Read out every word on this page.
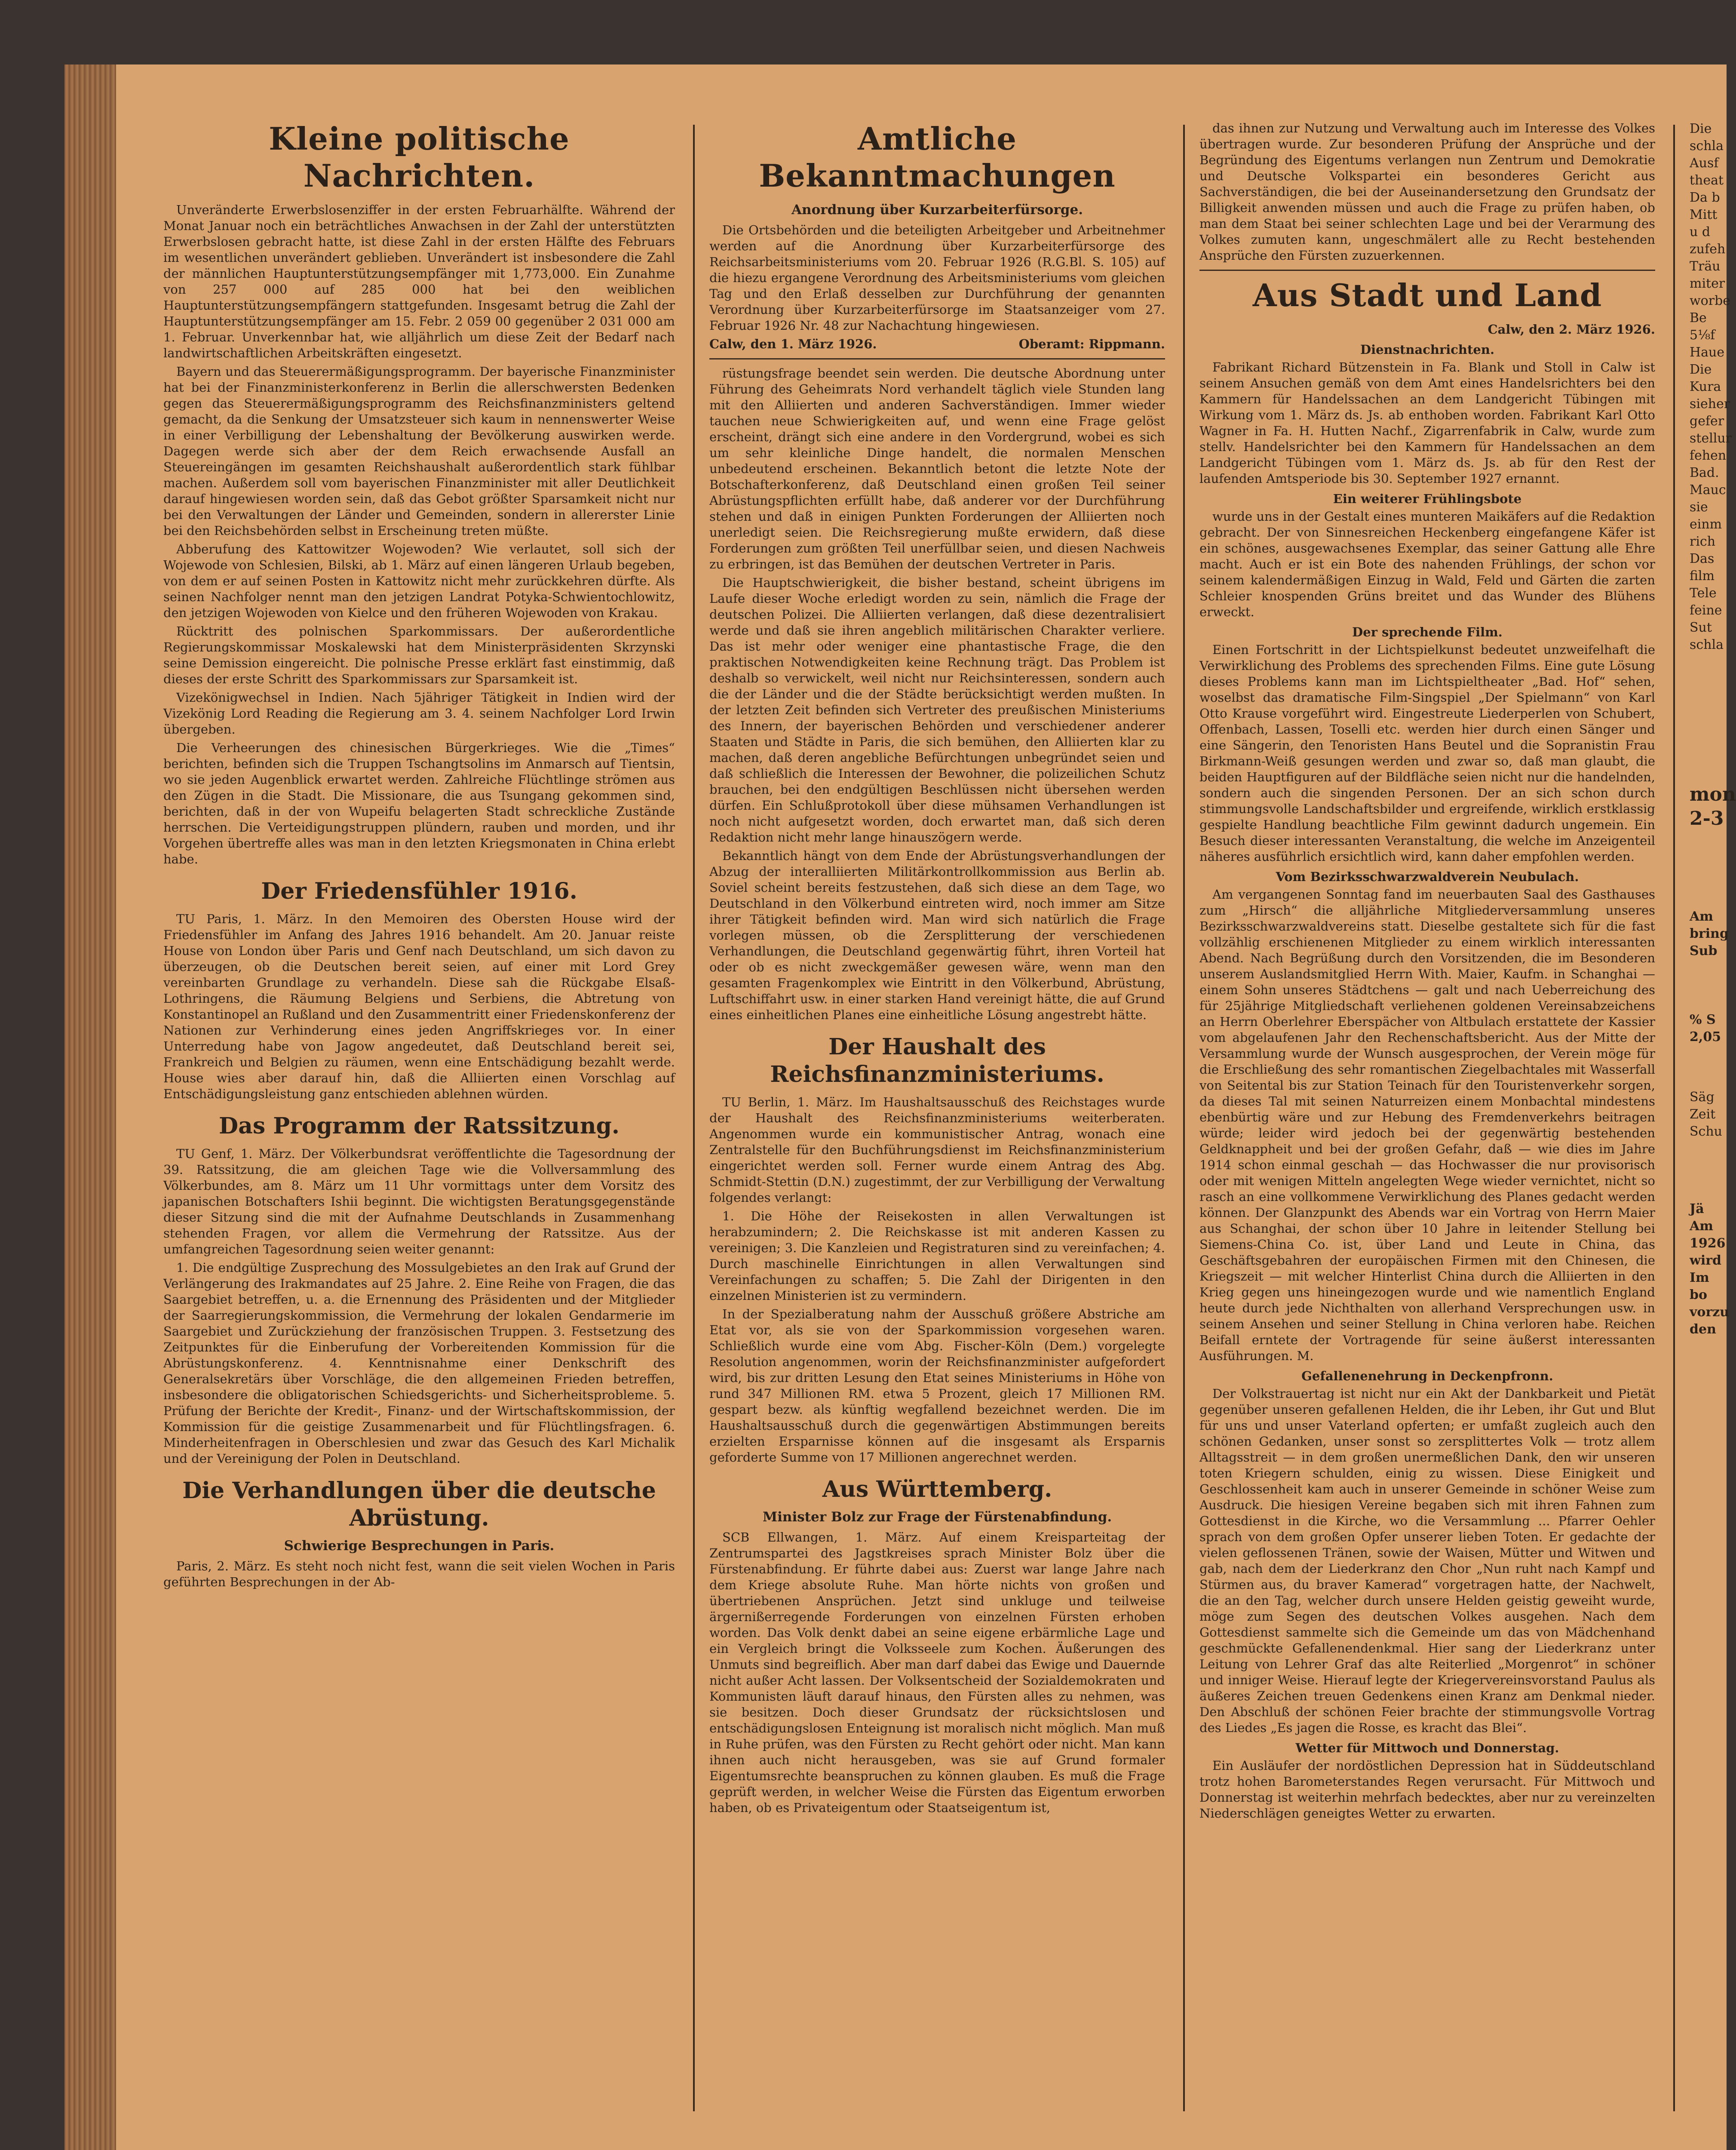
Kleine politische Nachrichten.

Unveränderte Erwerbslosenziffer in der ersten Februarhälfte. Während der Monat Januar noch ein beträchtliches Anwachsen in der Zahl der unterstützten Erwerbslosen gebracht hatte, ist diese Zahl in der ersten Hälfte des Februars im wesentlichen unverändert geblieben. Unverändert ist insbesondere die Zahl der männlichen Hauptunterstützungsempfänger mit 1,773,000. Ein Zunahme von 257 000 auf 285 000 hat bei den weiblichen Hauptunterstützungsempfängern stattgefunden. Insgesamt betrug die Zahl der Hauptunterstützungsempfänger am 15. Febr. 2 059 00 gegenüber 2 031 000 am 1. Februar. Unverkennbar hat, wie alljährlich um diese Zeit der Bedarf nach landwirtschaftlichen Arbeitskräften eingesetzt.

Bayern und das Steuerermäßigungsprogramm. Der bayerische Finanzminister hat bei der Finanzministerkonferenz in Berlin die allerschwersten Bedenken gegen das Steuerermäßigungsprogramm des Reichsfinanzministers geltend gemacht, da die Senkung der Umsatzsteuer sich kaum in nennenswerter Weise in einer Verbilligung der Lebenshaltung der Bevölkerung auswirken werde. Dagegen werde sich aber der dem Reich erwachsende Ausfall an Steuereingängen im gesamten Reichshaushalt außerordentlich stark fühlbar machen. Außerdem soll vom bayerischen Finanzminister mit aller Deutlichkeit darauf hingewiesen worden sein, daß das Gebot größter Sparsamkeit nicht nur bei den Verwaltungen der Länder und Gemeinden, sondern in allererster Linie bei den Reichsbehörden selbst in Erscheinung treten müßte.

Abberufung des Kattowitzer Wojewoden? Wie verlautet, soll sich der Wojewode von Schlesien, Bilski, ab 1. März auf einen längeren Urlaub begeben, von dem er auf seinen Posten in Kattowitz nicht mehr zurückkehren dürfte. Als seinen Nachfolger nennt man den jetzigen Landrat Potyka-Schwientochlowitz, den jetzigen Wojewoden von Kielce und den früheren Wojewoden von Krakau.

Rücktritt des polnischen Sparkommissars. Der außerordentliche Regierungskommissar Moskalewski hat dem Ministerpräsidenten Skrzynski seine Demission eingereicht. Die polnische Presse erklärt fast einstimmig, daß dieses der erste Schritt des Sparkommissars zur Sparsamkeit ist.

Vizekönigwechsel in Indien. Nach 5jähriger Tätigkeit in Indien wird der Vizekönig Lord Reading die Regierung am 3. 4. seinem Nachfolger Lord Irwin übergeben.

Die Verheerungen des chinesischen Bürgerkrieges. Wie die „Times“ berichten, befinden sich die Truppen Tschangtsolins im Anmarsch auf Tientsin, wo sie jeden Augenblick erwartet werden. Zahlreiche Flüchtlinge strömen aus den Zügen in die Stadt. Die Missionare, die aus Tsungang gekommen sind, berichten, daß in der von Wupeifu belagerten Stadt schreckliche Zustände herrschen. Die Verteidigungstruppen plündern, rauben und morden, und ihr Vorgehen übertreffe alles was man in den letzten Kriegsmonaten in China erlebt habe.

Der Friedensfühler 1916.

TU Paris, 1. März. In den Memoiren des Obersten House wird der Friedensfühler im Anfang des Jahres 1916 behandelt. Am 20. Januar reiste House von London über Paris und Genf nach Deutschland, um sich davon zu überzeugen, ob die Deutschen bereit seien, auf einer mit Lord Grey vereinbarten Grundlage zu verhandeln. Diese sah die Rückgabe Elsaß-Lothringens, die Räumung Belgiens und Serbiens, die Abtretung von Konstantinopel an Rußland und den Zusammentritt einer Friedenskonferenz der Nationen zur Verhinderung eines jeden Angriffskrieges vor. In einer Unterredung habe von Jagow angedeutet, daß Deutschland bereit sei, Frankreich und Belgien zu räumen, wenn eine Entschädigung bezahlt werde. House wies aber darauf hin, daß die Alliierten einen Vorschlag auf Entschädigungsleistung ganz entschieden ablehnen würden.

Das Programm der Ratssitzung.

TU Genf, 1. März. Der Völkerbundsrat veröffentlichte die Tagesordnung der 39. Ratssitzung, die am gleichen Tage wie die Vollversammlung des Völkerbundes, am 8. März um 11 Uhr vormittags unter dem Vorsitz des japanischen Botschafters Ishii beginnt. Die wichtigsten Beratungsgegenstände dieser Sitzung sind die mit der Aufnahme Deutschlands in Zusammenhang stehenden Fragen, vor allem die Vermehrung der Ratssitze. Aus der umfangreichen Tagesordnung seien weiter genannt:

1. Die endgültige Zusprechung des Mossulgebietes an den Irak auf Grund der Verlängerung des Irakmandates auf 25 Jahre. 2. Eine Reihe von Fragen, die das Saargebiet betreffen, u. a. die Ernennung des Präsidenten und der Mitglieder der Saarregierungskommission, die Vermehrung der lokalen Gendarmerie im Saargebiet und Zurückziehung der französischen Truppen. 3. Festsetzung des Zeitpunktes für die Einberufung der Vorbereitenden Kommission für die Abrüstungskonferenz. 4. Kenntnisnahme einer Denkschrift des Generalsekretärs über Vorschläge, die den allgemeinen Frieden betreffen, insbesondere die obligatorischen Schiedsgerichts- und Sicherheitsprobleme. 5. Prüfung der Berichte der Kredit-, Finanz- und der Wirtschaftskommission, der Kommission für die geistige Zusammenarbeit und für Flüchtlingsfragen. 6. Minderheitenfragen in Oberschlesien und zwar das Gesuch des Karl Michalik und der Vereinigung der Polen in Deutschland.

Die Verhandlungen über die deutsche Abrüstung.
Schwierige Besprechungen in Paris.

Paris, 2. März. Es steht noch nicht fest, wann die seit vielen Wochen in Paris geführten Besprechungen in der Ab-

Amtliche Bekanntmachungen
Anordnung über Kurzarbeiterfürsorge.

Die Ortsbehörden und die beteiligten Arbeitgeber und Arbeitnehmer werden auf die Anordnung über Kurzarbeiterfürsorge des Reichsarbeitsministeriums vom 20. Februar 1926 (R.G.Bl. S. 105) auf die hiezu ergangene Verordnung des Arbeitsministeriums vom gleichen Tag und den Erlaß desselben zur Durchführung der genannten Verordnung über Kurzarbeiterfürsorge im Staatsanzeiger vom 27. Februar 1926 Nr. 48 zur Nachachtung hingewiesen.

Calw, den 1. März 1926.	Oberamt: Rippmann.

rüstungsfrage beendet sein werden. Die deutsche Abordnung unter Führung des Geheimrats Nord verhandelt täglich viele Stunden lang mit den Alliierten und anderen Sachverständigen. Immer wieder tauchen neue Schwierigkeiten auf, und wenn eine Frage gelöst erscheint, drängt sich eine andere in den Vordergrund, wobei es sich um sehr kleinliche Dinge handelt, die normalen Menschen unbedeutend erscheinen. Bekanntlich betont die letzte Note der Botschafterkonferenz, daß Deutschland einen großen Teil seiner Abrüstungspflichten erfüllt habe, daß anderer vor der Durchführung stehen und daß in einigen Punkten Forderungen der Alliierten noch unerledigt seien. Die Reichsregierung mußte erwidern, daß diese Forderungen zum größten Teil unerfüllbar seien, und diesen Nachweis zu erbringen, ist das Bemühen der deutschen Vertreter in Paris.

Die Hauptschwierigkeit, die bisher bestand, scheint übrigens im Laufe dieser Woche erledigt worden zu sein, nämlich die Frage der deutschen Polizei. Die Alliierten verlangen, daß diese dezentralisiert werde und daß sie ihren angeblich militärischen Charakter verliere. Das ist mehr oder weniger eine phantastische Frage, die den praktischen Notwendigkeiten keine Rechnung trägt. Das Problem ist deshalb so verwickelt, weil nicht nur Reichsinteressen, sondern auch die der Länder und die der Städte berücksichtigt werden mußten. In der letzten Zeit befinden sich Vertreter des preußischen Ministeriums des Innern, der bayerischen Behörden und verschiedener anderer Staaten und Städte in Paris, die sich bemühen, den Alliierten klar zu machen, daß deren angebliche Befürchtungen unbegründet seien und daß schließlich die Interessen der Bewohner, die polizeilichen Schutz brauchen, bei den endgültigen Beschlüssen nicht übersehen werden dürfen. Ein Schlußprotokoll über diese mühsamen Verhandlungen ist noch nicht aufgesetzt worden, doch erwartet man, daß sich deren Redaktion nicht mehr lange hinauszögern werde.

Bekanntlich hängt von dem Ende der Abrüstungsverhandlungen der Abzug der interalliierten Militärkontrollkommission aus Berlin ab. Soviel scheint bereits festzustehen, daß sich diese an dem Tage, wo Deutschland in den Völkerbund eintreten wird, noch immer am Sitze ihrer Tätigkeit befinden wird. Man wird sich natürlich die Frage vorlegen müssen, ob die Zersplitterung der verschiedenen Verhandlungen, die Deutschland gegenwärtig führt, ihren Vorteil hat oder ob es nicht zweckgemäßer gewesen wäre, wenn man den gesamten Fragenkomplex wie Eintritt in den Völkerbund, Abrüstung, Luftschiffahrt usw. in einer starken Hand vereinigt hätte, die auf Grund eines einheitlichen Planes eine einheitliche Lösung angestrebt hätte.

Der Haushalt des Reichsfinanzministeriums.

TU Berlin, 1. März. Im Haushaltsausschuß des Reichstages wurde der Haushalt des Reichsfinanzministeriums weiterberaten. Angenommen wurde ein kommunistischer Antrag, wonach eine Zentralstelle für den Buchführungsdienst im Reichsfinanzministerium eingerichtet werden soll. Ferner wurde einem Antrag des Abg. Schmidt-Stettin (D.N.) zugestimmt, der zur Verbilligung der Verwaltung folgendes verlangt:

1. Die Höhe der Reisekosten in allen Verwaltungen ist herabzumindern; 2. Die Reichskasse ist mit anderen Kassen zu vereinigen; 3. Die Kanzleien und Registraturen sind zu vereinfachen; 4. Durch maschinelle Einrichtungen in allen Verwaltungen sind Vereinfachungen zu schaffen; 5. Die Zahl der Dirigenten in den einzelnen Ministerien ist zu vermindern.

In der Spezialberatung nahm der Ausschuß größere Abstriche am Etat vor, als sie von der Sparkommission vorgesehen waren. Schließlich wurde eine vom Abg. Fischer-Köln (Dem.) vorgelegte Resolution angenommen, worin der Reichsfinanzminister aufgefordert wird, bis zur dritten Lesung den Etat seines Ministeriums in Höhe von rund 347 Millionen RM. etwa 5 Prozent, gleich 17 Millionen RM. gespart bezw. als künftig wegfallend bezeichnet werden. Die im Haushaltsausschuß durch die gegenwärtigen Abstimmungen bereits erzielten Ersparnisse können auf die insgesamt als Ersparnis geforderte Summe von 17 Millionen angerechnet werden.

Aus Württemberg.
Minister Bolz zur Frage der Fürstenabfindung.

SCB Ellwangen, 1. März. Auf einem Kreisparteitag der Zentrumspartei des Jagstkreises sprach Minister Bolz über die Fürstenabfindung. Er führte dabei aus: Zuerst war lange Jahre nach dem Kriege absolute Ruhe. Man hörte nichts von großen und übertriebenen Ansprüchen. Jetzt sind unkluge und teilweise ärgernißerregende Forderungen von einzelnen Fürsten erhoben worden. Das Volk denkt dabei an seine eigene erbärmliche Lage und ein Vergleich bringt die Volksseele zum Kochen. Äußerungen des Unmuts sind begreiflich. Aber man darf dabei das Ewige und Dauernde nicht außer Acht lassen. Der Volksentscheid der Sozialdemokraten und Kommunisten läuft darauf hinaus, den Fürsten alles zu nehmen, was sie besitzen. Doch dieser Grundsatz der rücksichtslosen und entschädigungslosen Enteignung ist moralisch nicht möglich. Man muß in Ruhe prüfen, was den Fürsten zu Recht gehört oder nicht. Man kann ihnen auch nicht herausgeben, was sie auf Grund formaler Eigentumsrechte beanspruchen zu können glauben. Es muß die Frage geprüft werden, in welcher Weise die Fürsten das Eigentum erworben haben, ob es Privateigentum oder Staatseigentum ist,

das ihnen zur Nutzung und Verwaltung auch im Interesse des Volkes übertragen wurde. Zur besonderen Prüfung der Ansprüche und der Begründung des Eigentums verlangen nun Zentrum und Demokratie und Deutsche Volkspartei ein besonderes Gericht aus Sachverständigen, die bei der Auseinandersetzung den Grundsatz der Billigkeit anwenden müssen und auch die Frage zu prüfen haben, ob man dem Staat bei seiner schlechten Lage und bei der Verarmung des Volkes zumuten kann, ungeschmälert alle zu Recht bestehenden Ansprüche den Fürsten zuzuerkennen.

Aus Stadt und Land
Calw, den 2. März 1926.
Dienstnachrichten.

Fabrikant Richard Bützenstein in Fa. Blank und Stoll in Calw ist seinem Ansuchen gemäß von dem Amt eines Handelsrichters bei den Kammern für Handelssachen an dem Landgericht Tübingen mit Wirkung vom 1. März ds. Js. ab enthoben worden. Fabrikant Karl Otto Wagner in Fa. H. Hutten Nachf., Zigarrenfabrik in Calw, wurde zum stellv. Handelsrichter bei den Kammern für Handelssachen an dem Landgericht Tübingen vom 1. März ds. Js. ab für den Rest der laufenden Amtsperiode bis 30. September 1927 ernannt.

Ein weiterer Frühlingsbote

wurde uns in der Gestalt eines munteren Maikäfers auf die Redaktion gebracht. Der von Sinnesreichen Heckenberg eingefangene Käfer ist ein schönes, ausgewachsenes Exemplar, das seiner Gattung alle Ehre macht. Auch er ist ein Bote des nahenden Frühlings, der schon vor seinem kalendermäßigen Einzug in Wald, Feld und Gärten die zarten Schleier knospenden Grüns breitet und das Wunder des Blühens erweckt.

Der sprechende Film.

Einen Fortschritt in der Lichtspielkunst bedeutet unzweifelhaft die Verwirklichung des Problems des sprechenden Films. Eine gute Lösung dieses Problems kann man im Lichtspieltheater „Bad. Hof“ sehen, woselbst das dramatische Film-Singspiel „Der Spielmann“ von Karl Otto Krause vorgeführt wird. Eingestreute Liederperlen von Schubert, Offenbach, Lassen, Toselli etc. werden hier durch einen Sänger und eine Sängerin, den Tenoristen Hans Beutel und die Sopranistin Frau Birkmann-Weiß gesungen werden und zwar so, daß man glaubt, die beiden Hauptfiguren auf der Bildfläche seien nicht nur die handelnden, sondern auch die singenden Personen. Der an sich schon durch stimmungsvolle Landschaftsbilder und ergreifende, wirklich erstklassig gespielte Handlung beachtliche Film gewinnt dadurch ungemein. Ein Besuch dieser interessanten Veranstaltung, die welche im Anzeigenteil näheres ausführlich ersichtlich wird, kann daher empfohlen werden.

Vom Bezirksschwarzwaldverein Neubulach.

Am vergangenen Sonntag fand im neuerbauten Saal des Gasthauses zum „Hirsch“ die alljährliche Mitgliederversammlung unseres Bezirksschwarzwaldvereins statt. Dieselbe gestaltete sich für die fast vollzählig erschienenen Mitglieder zu einem wirklich interessanten Abend. Nach Begrüßung durch den Vorsitzenden, die im Besonderen unserem Auslandsmitglied Herrn With. Maier, Kaufm. in Schanghai — einem Sohn unseres Städtchens — galt und nach Ueberreichung des für 25jährige Mitgliedschaft verliehenen goldenen Vereinsabzeichens an Herrn Oberlehrer Eberspächer von Altbulach erstattete der Kassier vom abgelaufenen Jahr den Rechenschaftsbericht. Aus der Mitte der Versammlung wurde der Wunsch ausgesprochen, der Verein möge für die Erschließung des sehr romantischen Ziegelbachtales mit Wasserfall von Seitental bis zur Station Teinach für den Touristenverkehr sorgen, da dieses Tal mit seinen Naturreizen einem Monbachtal mindestens ebenbürtig wäre und zur Hebung des Fremdenverkehrs beitragen würde; leider wird jedoch bei der gegenwärtig bestehenden Geldknappheit und bei der großen Gefahr, daß — wie dies im Jahre 1914 schon einmal geschah — das Hochwasser die nur provisorisch oder mit wenigen Mitteln angelegten Wege wieder vernichtet, nicht so rasch an eine vollkommene Verwirklichung des Planes gedacht werden können. Der Glanzpunkt des Abends war ein Vortrag von Herrn Maier aus Schanghai, der schon über 10 Jahre in leitender Stellung bei Siemens-China Co. ist, über Land und Leute in China, das Geschäftsgebahren der europäischen Firmen mit den Chinesen, die Kriegszeit — mit welcher Hinterlist China durch die Alliierten in den Krieg gegen uns hineingezogen wurde und wie namentlich England heute durch jede Nichthalten von allerhand Versprechungen usw. in seinem Ansehen und seiner Stellung in China verloren habe. Reichen Beifall erntete der Vortragende für seine äußerst interessanten Ausführungen. M.

Gefallenenehrung in Deckenpfronn.

Der Volkstrauertag ist nicht nur ein Akt der Dankbarkeit und Pietät gegenüber unseren gefallenen Helden, die ihr Leben, ihr Gut und Blut für uns und unser Vaterland opferten; er umfaßt zugleich auch den schönen Gedanken, unser sonst so zersplittertes Volk — trotz allem Alltagsstreit — in dem großen unermeßlichen Dank, den wir unseren toten Kriegern schulden, einig zu wissen. Diese Einigkeit und Geschlossenheit kam auch in unserer Gemeinde in schöner Weise zum Ausdruck. Die hiesigen Vereine begaben sich mit ihren Fahnen zum Gottesdienst in die Kirche, wo die Versammlung ... Pfarrer Oehler sprach von dem großen Opfer unserer lieben Toten. Er gedachte der vielen geflossenen Tränen, sowie der Waisen, Mütter und Witwen und gab, nach dem der Liederkranz den Chor „Nun ruht nach Kampf und Stürmen aus, du braver Kamerad“ vorgetragen hatte, der Nachwelt, die an den Tag, welcher durch unsere Helden geistig geweiht wurde, möge zum Segen des deutschen Volkes ausgehen. Nach dem Gottesdienst sammelte sich die Gemeinde um das von Mädchenhand geschmückte Gefallenendenkmal. Hier sang der Liederkranz unter Leitung von Lehrer Graf das alte Reiterlied „Morgenrot“ in schöner und inniger Weise. Hierauf legte der Kriegervereinsvorstand Paulus als äußeres Zeichen treuen Gedenkens einen Kranz am Denkmal nieder. Den Abschluß der schönen Feier brachte der stimmungsvolle Vortrag des Liedes „Es jagen die Rosse, es kracht das Blei“.

Wetter für Mittwoch und Donnerstag.

Ein Ausläufer der nordöstlichen Depression hat in Süddeutschland trotz hohen Barometerstandes Regen verursacht. Für Mittwoch und Donnerstag ist weiterhin mehrfach bedecktes, aber nur zu vereinzelten Niederschlägen geneigtes Wetter zu erwarten.

Die
schla
Ausf
theat
Da b
Mitt
u d
zufeh
Träu
miter
worbe
Be
5⅛f
Haue
Die
Kura
sieher
gefer
stellur
fehen
Bad.
Mauc
sie
einm
rich
Das
film
Tele
feine
Sut
schla
mon
2-3
Am
bring
Sub
% S
2,05
Säg
Zeit
Schu
Jä
Am
1926
wird
Im
bo
vorzu
den
